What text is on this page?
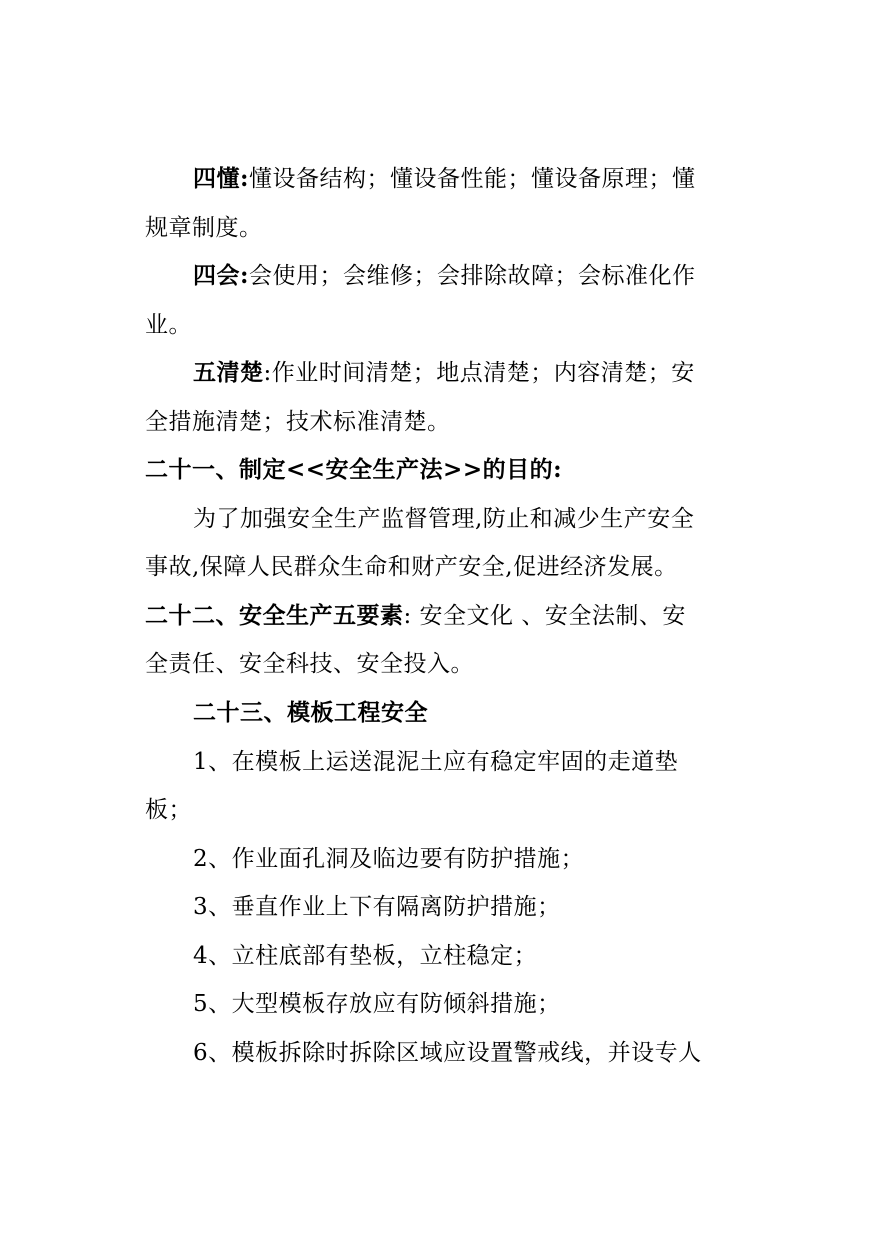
四懂:懂设备结构；懂设备性能；懂设备原理；懂
规章制度。
四会:会使用；会维修；会排除故障；会标准化作
业。
五清楚:作业时间清楚；地点清楚；内容清楚；安
全措施清楚；技术标准清楚。
二十一、制定<<安全生产法>>的目的:
为了加强安全生产监督管理,防止和减少生产安全
事故,保障人民群众生命和财产安全,促进经济发展。
二十二、安全生产五要素: 安全文化 、安全法制、安
全责任、安全科技、安全投入。
二十三、模板工程安全
1、在模板上运送混泥土应有稳定牢固的走道垫
板；
2、作业面孔洞及临边要有防护措施；
3、垂直作业上下有隔离防护措施；
4、立柱底部有垫板，立柱稳定；
5、大型模板存放应有防倾斜措施；
6、模板拆除时拆除区域应设置警戒线，并设专人
